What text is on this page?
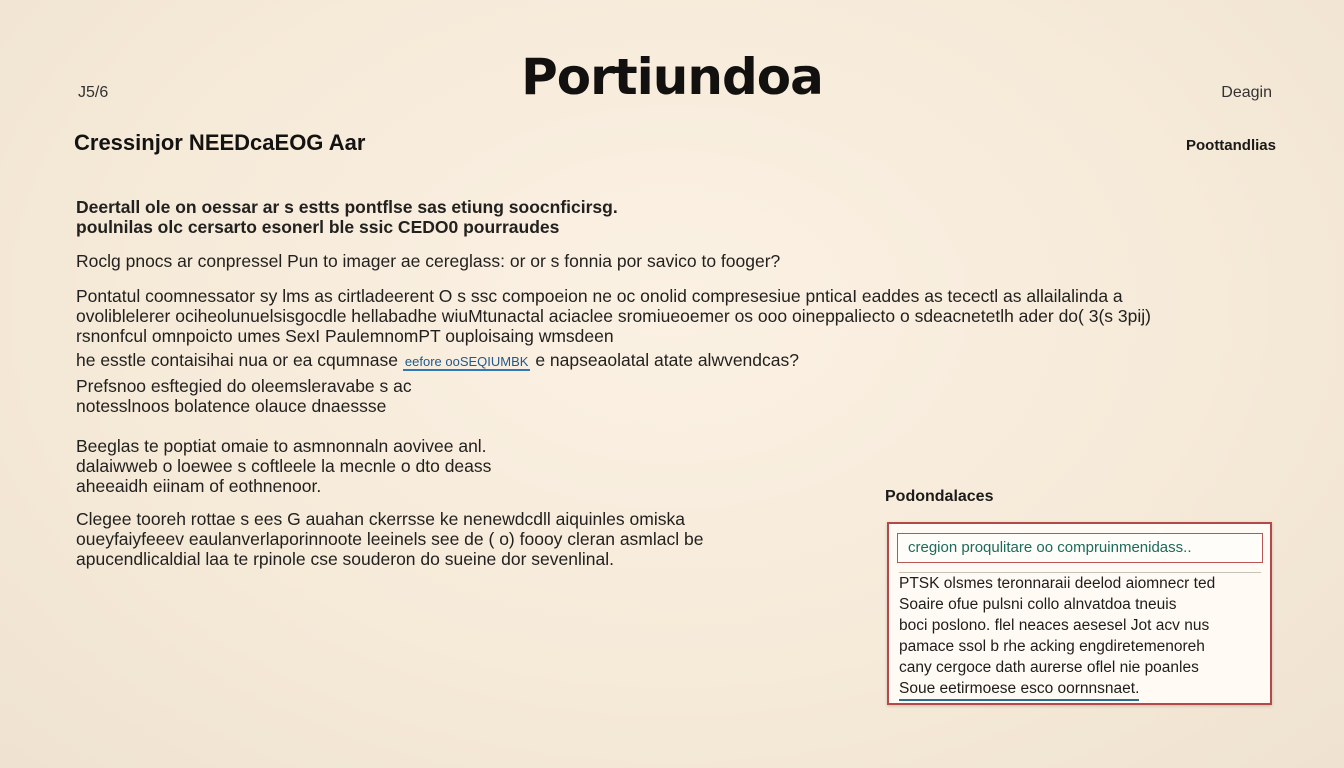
Portiundoa
J5/6	Deagin
Cressinjor NEEDcaEOG Aar	Poottandlias
Deertall ole on oessar ar s estts pontflse sas etiung soocnficirsg.
poulnilas olc cersarto esonerl ble ssic CEDO0 pourraudes
Roclg pnocs ar conpressel Pun to imager ae cereglass: or or s fonnia por savico to fooger?
Pontatul coomnessator sy lms as cirtladeerent O s ssc compoeion ne oc onolid compresesiue pnticaI eaddes as tecectl as allailalinda a
ovoliblelerer ociheolunuelsisgocdle hellabadhe wiuMtunactal aciaclee sromiueoemer os ooo oineppaliecto o sdeacnetetlh ader do( 3(s 3pij)
rsnonfcul omnpoicto umes SexI PaulemnomPT ouploisaing wmsdeen
he esstle contaisihai nua or ea cqumnase eefore ooSEQIUMBK e napseaolatal atate alwvendcas?
Prefsnoo esftegied do oleemsleravabe s ac
notesslnoos bolatence olauce dnaessse
Beeglas te poptiat omaie to asmnonnaln aovivee anl.
dalaiwweb o loewee s coftleele la mecnle o dto deass
aheeaidh eiinam of eothnenoor.
Clegee tooreh rottae s ees G auahan ckerrsse ke nenewdcdll aiquinles omiska
oueyfaiyfeeev eaulanverlaporinnoote leeinels see de ( o) foooy cleran asmlacl be
apucendlicaldial laa te rpinole cse souderon do sueine dor sevenlinal.
Podondalaces
cregion proqulitare oo compruinmenidass..
PTSK olsmes teronnaraii deelod aiomnecr ted
Soaire ofue pulsni collo alnvatdoa tneuis
boci poslono. flel neaces aesesel Jot acv nus
pamace ssol b rhe acking engdiretemenoreh
cany cergoce dath aurerse oflel nie poanles
Soue eetirmoese esco oornnsnaet.
